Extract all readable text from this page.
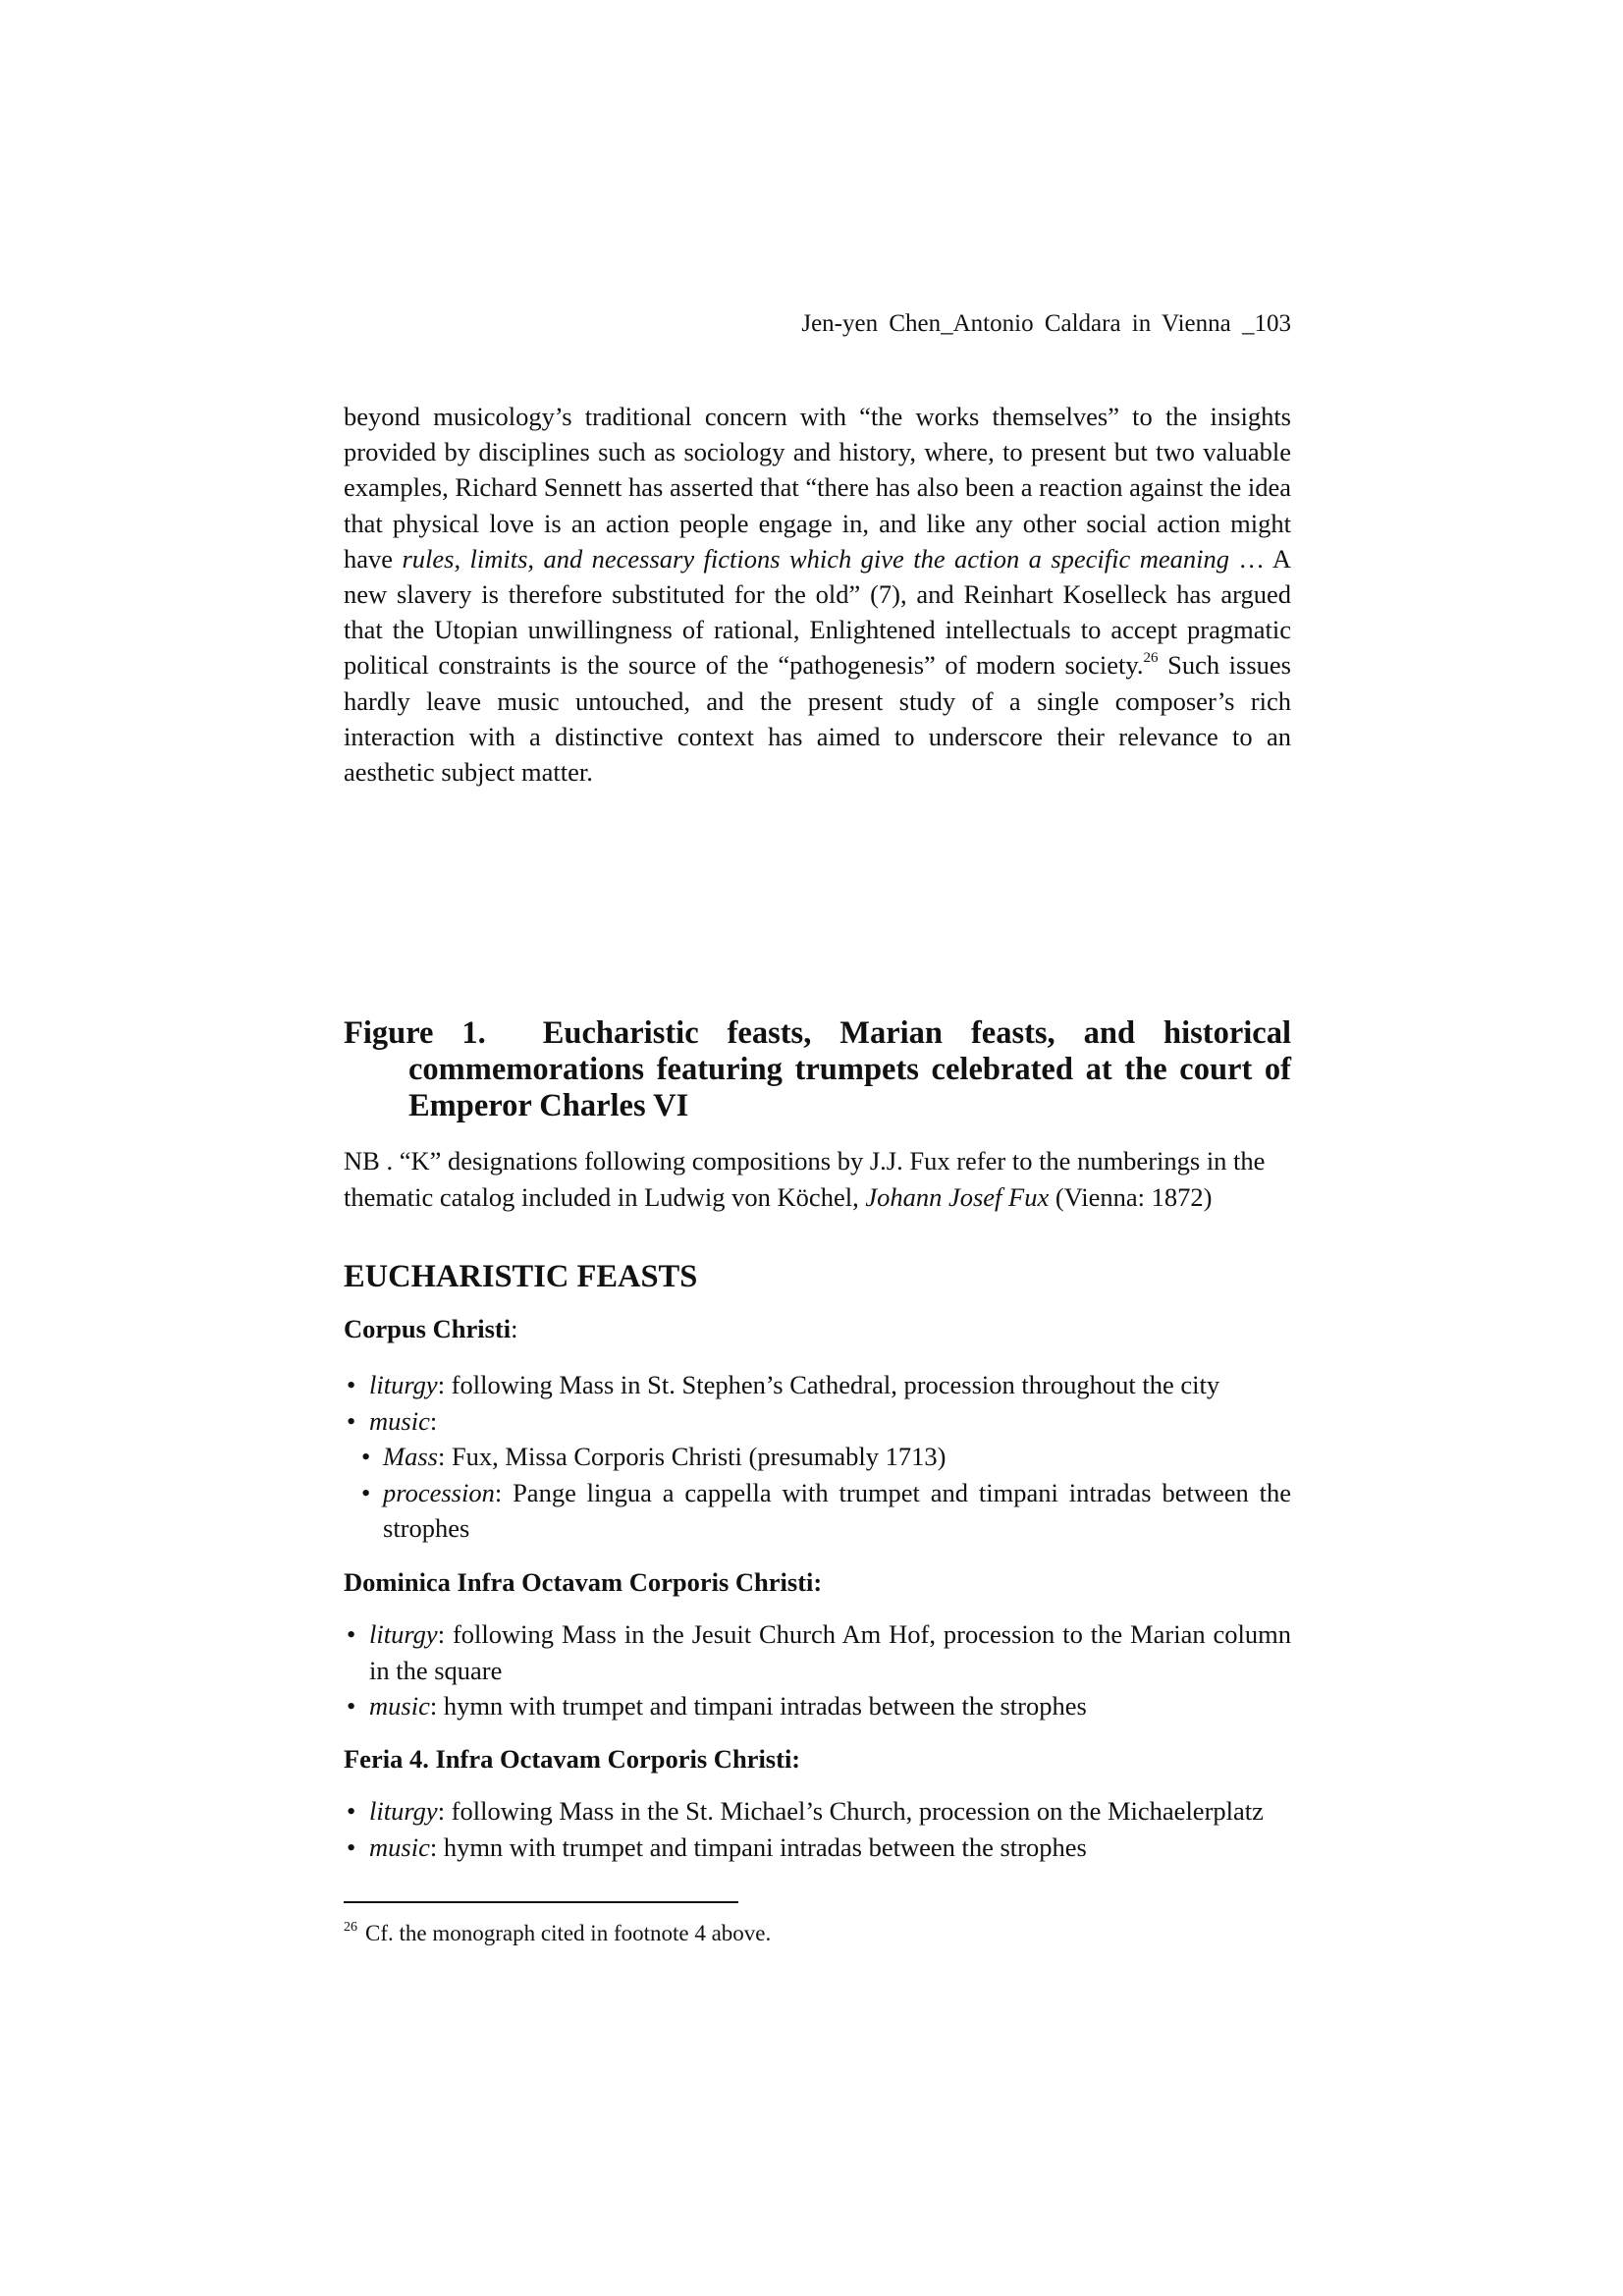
Jen-yen Chen_Antonio Caldara in Vienna _103

beyond musicology’s traditional concern with “the works themselves” to the insights provided by disciplines such as sociology and history, where, to present but two valuable examples, Richard Sennett has asserted that “there has also been a reaction against the idea that physical love is an action people engage in, and like any other social action might have rules, limits, and necessary fictions which give the action a specific meaning … A new slavery is therefore substituted for the old” (7), and Reinhart Koselleck has argued that the Utopian unwillingness of rational, Enlightened intellectuals to accept pragmatic political constraints is the source of the “pathogenesis” of modern society.$^{26}$ Such issues hardly leave music untouched, and the present study of a single composer’s rich interaction with a distinctive context has aimed to underscore their relevance to an aesthetic subject matter.

Figure 1. Eucharistic feasts, Marian feasts, and historical
commemorations featuring trumpets celebrated at the court of Emperor Charles VI

NB . “K” designations following compositions by J.J. Fux refer to the numberings in the thematic catalog included in Ludwig von Köchel, Johann Josef Fux (Vienna: 1872)

EUCHARISTIC FEASTS
Corpus Christi:
• liturgy: following Mass in St. Stephen’s Cathedral, procession throughout the city
• music:
• Mass: Fux, Missa Corporis Christi (presumably 1713)
• procession: Pange lingua a cappella with trumpet and timpani intradas between the strophes
Dominica Infra Octavam Corporis Christi:
• liturgy: following Mass in the Jesuit Church Am Hof, procession to the Marian column in the square
• music: hymn with trumpet and timpani intradas between the strophes
Feria 4. Infra Octavam Corporis Christi:
• liturgy: following Mass in the St. Michael’s Church, procession on the Michaelerplatz
• music: hymn with trumpet and timpani intradas between the strophes
$^{26}$ Cf. the monograph cited in footnote 4 above.
